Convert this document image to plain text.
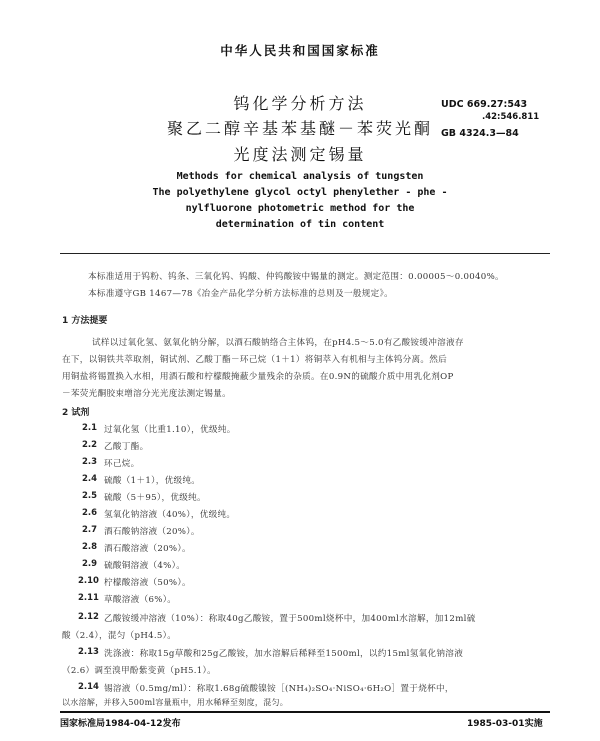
中华人民共和国国家标准
钨化学分析方法
聚乙二醇辛基苯基醚－苯荧光酮
光度法测定锡量
UDC 669.27:543
.42:546.811
GB 4324.3—84
Methods for chemical analysis of tungsten
The polyethylene glycol octyl phenylether - phe -
nylfluorone photometric method for the
determination of tin content
本标准适用于钨粉、钨条、三氧化钨、钨酸、仲钨酸铵中锡量的测定。测定范围：0.00005～0.0040%。
本标准遵守GB 1467—78《冶金产品化学分析方法标准的总则及一般规定》。
1 方法提要
试样以过氧化氢、氨氧化钠分解，以酒石酸钠络合主体钨，在pH4.5～5.0有乙酸铵缓冲溶液存
在下，以铜铁共萃取剂，铜试剂、乙酸丁酯－环己烷（1＋1）将铜萃入有机相与主体钨分离。然后
用铜盐将锡置换入水相，用酒石酸和柠檬酸掩蔽少量残余的杂质。在0.9N的硫酸介质中用乳化剂OP
－苯荧光酮胶束增溶分光光度法测定锡量。
2 试剂
2.1 过氧化氢（比重1.10），优级纯。
2.2 乙酸丁酯。
2.3 环己烷。
2.4 硫酸（1＋1），优级纯。
2.5 硫酸（5＋95），优级纯。
2.6 氢氧化钠溶液（40%），优级纯。
2.7 酒石酸钠溶液（20%）。
2.8 酒石酸溶液（20%）。
2.9 硫酸铜溶液（4%）。
2.10 柠檬酸溶液（50%）。
2.11 草酸溶液（6%）。
2.12 乙酸铵缓冲溶液（10%）：称取40g乙酸铵，置于500ml烧杯中，加400ml水溶解，加12ml硫
酸（2.4），混匀（pH4.5）。
2.13 洗涤液：称取15g草酸和25g乙酸铵，加水溶解后稀释至1500ml，以约15ml氢氧化钠溶液
（2.6）调至溴甲酚紫变黄（pH5.1）。
2.14 锡溶液（0.5mg/ml）：称取1.68g硫酸镍铵［(NH₄)₂SO₄·NiSO₄·6H₂O］置于烧杯中，
以水溶解，并移入500ml容量瓶中，用水稀释至刻度，混匀。
国家标准局1984-04-12发布	1985-03-01实施
